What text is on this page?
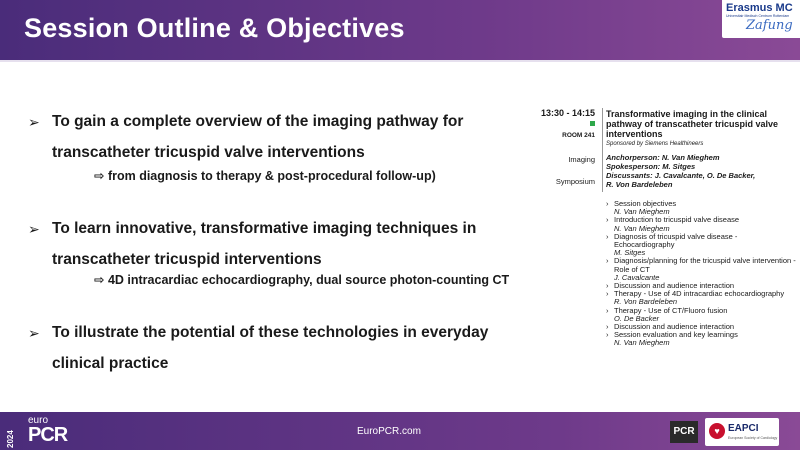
Session Outline & Objectives
Erasmus MC
Universitair Medisch Centrum Rotterdam
Zafung
➢ To gain a complete overview of the imaging pathway for
transcatheter tricuspid valve interventions
⇨ from diagnosis to therapy & post-procedural follow-up)
➢ To learn innovative, transformative imaging techniques in
transcatheter tricuspid interventions
⇨ 4D intracardiac echocardiography, dual source photon-counting CT
➢ To illustrate the potential of these technologies in everyday
clinical practice
13:30 - 14:15
ROOM 241
Imaging
Symposium
Transformative imaging in the clinical pathway of transcatheter tricuspid valve interventions
Sponsored by Siemens Healthineers
Anchorperson: N. Van Mieghem
Spokesperson: M. Sitges
Discussants: J. Cavalcante, O. De Backer,
R. Von Bardeleben
› Session objectives
N. Van Mieghem
› Introduction to tricuspid valve disease
N. Van Mieghem
› Diagnosis of tricuspid valve disease - Echocardiography
M. Sitges
› Diagnosis/planning for the tricuspid valve intervention - Role of CT
J. Cavalcante
› Discussion and audience interaction
› Therapy - Use of 4D intracardiac echocardiography
R. Von Bardeleben
› Therapy - Use of CT/Fluoro fusion
O. De Backer
› Discussion and audience interaction
› Session evaluation and key learnings
N. Van Mieghem
2024
euro
PCR	EuroPCR.com	PCR	♥ EAPCI
European Society of Cardiology
